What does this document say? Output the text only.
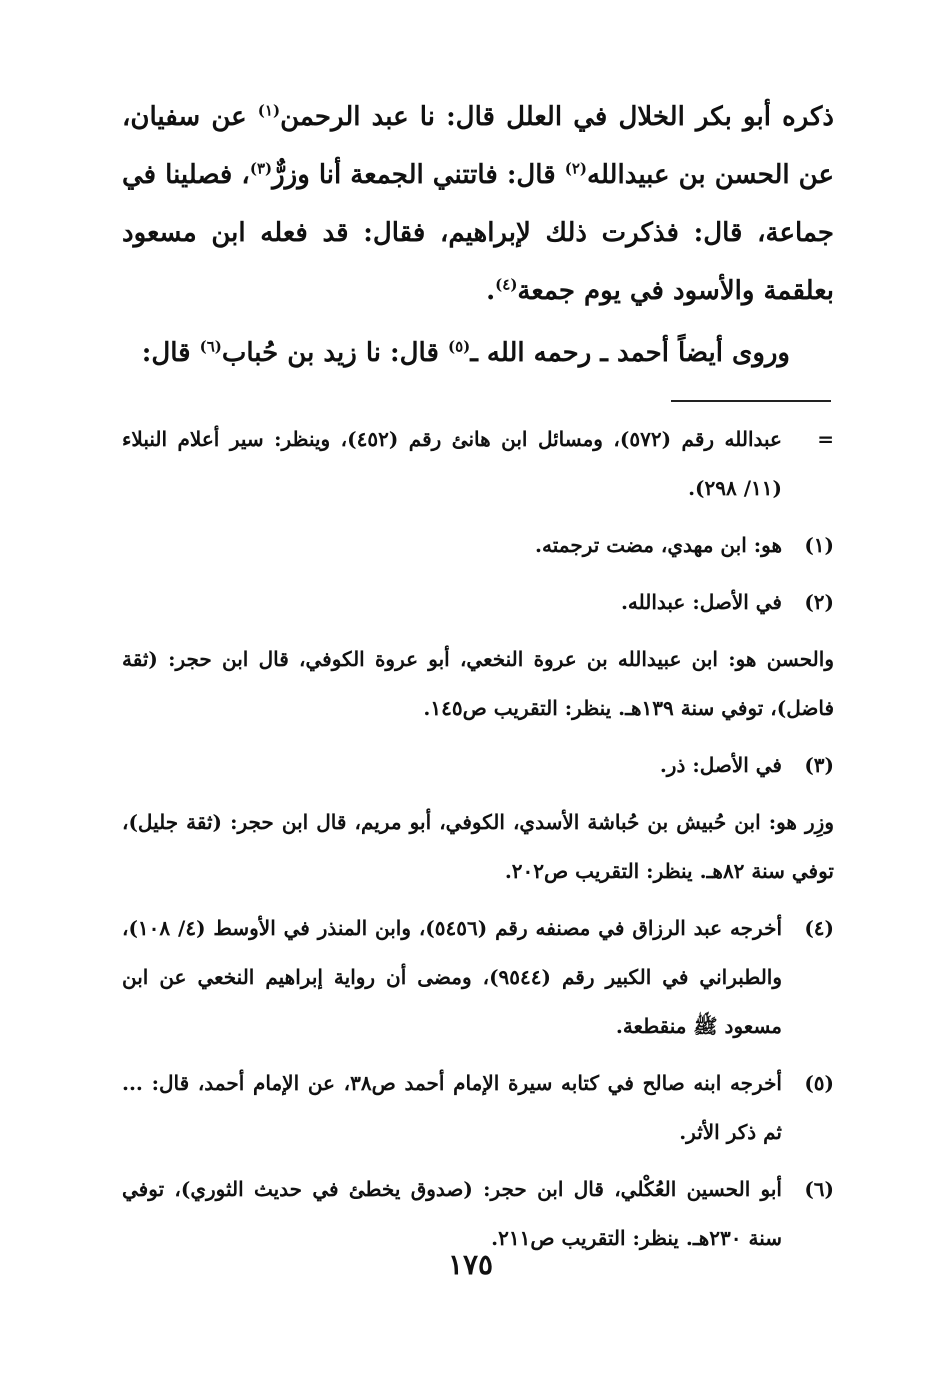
ذكره أبو بكر الخلال في العلل قال: نا عبد الرحمن$^{(١)}$ عن سفيان، عن الحسن بن عبيدالله$^{(٢)}$ قال: فاتتني الجمعة أنا وزرٌّ$^{(٣)}$، فصلينا في جماعة، قال: فذكرت ذلك لإبراهيم، فقال: قد فعله ابن مسعود بعلقمة والأسود في يوم جمعة$^{(٤)}$.

وروى أيضاً أحمد ـ رحمه الله ـ$^{(٥)}$ قال: نا زيد بن حُباب$^{(٦)}$ قال:

=
عبدالله رقم (٥٧٢)، ومسائل ابن هانئ رقم (٤٥٢)، وينظر: سير أعلام النبلاء (١١/ ٢٩٨).
(١)
هو: ابن مهدي، مضت ترجمته.
(٢)
في الأصل: عبدالله.
والحسن هو: ابن عبيدالله بن عروة النخعي، أبو عروة الكوفي، قال ابن حجر: (ثقة فاضل)، توفي سنة ١٣٩هـ. ينظر: التقريب ص١٤٥.
(٣)
في الأصل: ذر.
وزِر هو: ابن حُبيش بن حُباشة الأسدي، الكوفي، أبو مريم، قال ابن حجر: (ثقة جليل)، توفي سنة ٨٢هـ. ينظر: التقريب ص٢٠٢.
(٤)
أخرجه عبد الرزاق في مصنفه رقم (٥٤٥٦)، وابن المنذر في الأوسط (٤/ ١٠٨)، والطبراني في الكبير رقم (٩٥٤٤)، ومضى أن رواية إبراهيم النخعي عن ابن مسعود ﷺ منقطعة.
(٥)
أخرجه ابنه صالح في كتابه سيرة الإمام أحمد ص٣٨، عن الإمام أحمد، قال: ... ثم ذكر الأثر.
(٦)
أبو الحسين العُكْلي، قال ابن حجر: (صدوق يخطئ في حديث الثوري)، توفي سنة ٢٣٠هـ. ينظر: التقريب ص٢١١.
١٧٥
